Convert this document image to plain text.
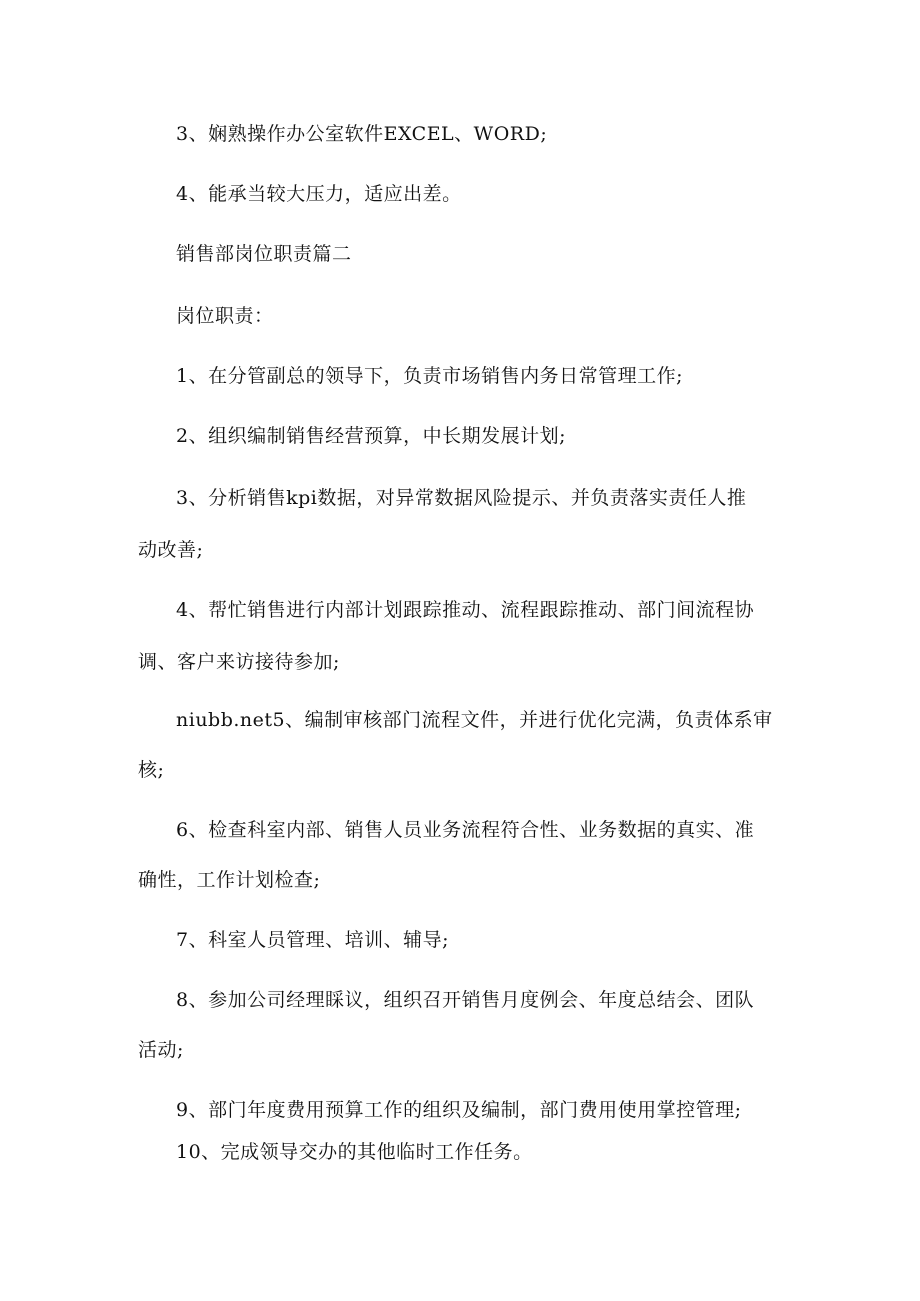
3、娴熟操作办公室软件EXCEL、WORD;
4、能承当较大压力，适应出差。
销售部岗位职责篇二
岗位职责：
1、在分管副总的领导下，负责市场销售内务日常管理工作;
2、组织编制销售经营预算，中长期发展计划;
3、分析销售kpi数据，对异常数据风险提示、并负责落实责任人推
动改善;
4、帮忙销售进行内部计划跟踪推动、流程跟踪推动、部门间流程协
调、客户来访接待参加;
niubb.net5、编制审核部门流程文件，并进行优化完满，负责体系审
核;
6、检查科室内部、销售人员业务流程符合性、业务数据的真实、准
确性，工作计划检查;
7、科室人员管理、培训、辅导;
8、参加公司经理睬议，组织召开销售月度例会、年度总结会、团队
活动;
9、部门年度费用预算工作的组织及编制，部门费用使用掌控管理;
10、完成领导交办的其他临时工作任务。
